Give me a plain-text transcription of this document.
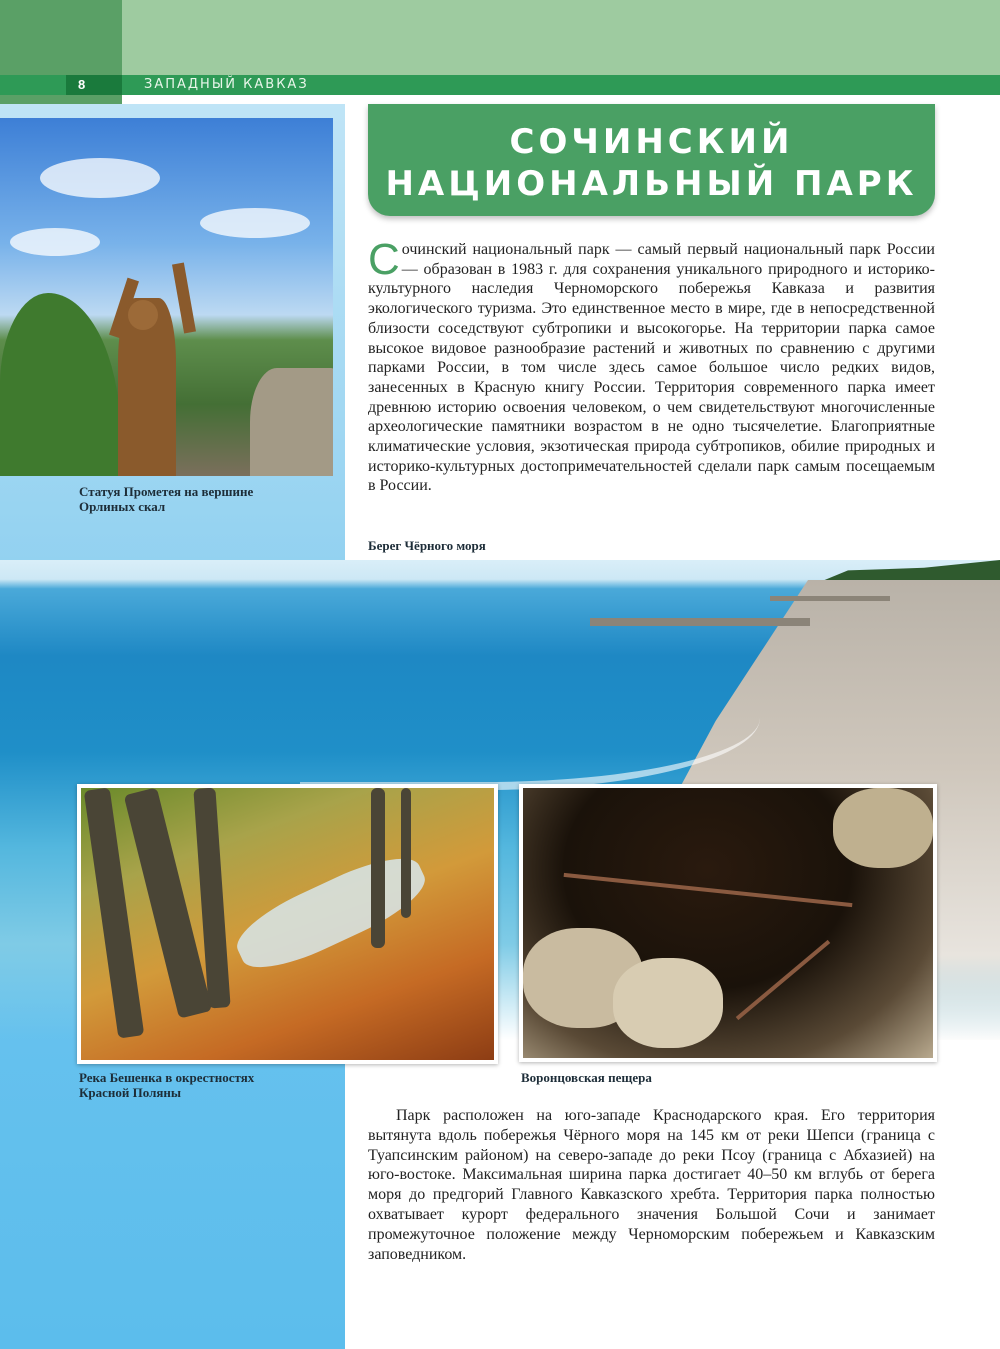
8	ЗАПАДНЫЙ КАВКАЗ
Статуя Прометея на вершине
Орлиных скал
СОЧИНСКИЙ
НАЦИОНАЛЬНЫЙ ПАРК
Сочинский национальный парк — самый первый национальный парк России — образован в 1983 г. для сохранения уникального природного и историко-культурного наследия Черноморского побережья Кавказа и развития экологического туризма. Это единственное место в мире, где в непосредственной близости соседствуют субтропики и высокогорье. На территории парка самое высокое видовое разнообразие растений и животных по сравнению с другими парками России, в том числе здесь самое большое число редких видов, занесенных в Красную книгу России. Территория современного парка имеет древнюю историю освоения человеком, о чем свидетельствуют многочисленные археологические памятники возрастом в не одно тысячелетие. Благоприятные климатические условия, экзотическая природа субтропиков, обилие природных и историко-культурных достопримечательностей сделали парк самым посещаемым в России.
Берег Чёрного моря
Река Бешенка в окрестностях
Красной Поляны
Воронцовская пещера
Парк расположен на юго-западе Краснодарского края. Его территория вытянута вдоль побережья Чёрного моря на 145 км от реки Шепси (граница с Туапсинским районом) на северо-западе до реки Псоу (граница с Абхазией) на юго-востоке. Максимальная ширина парка достигает 40–50 км вглубь от берега моря до предгорий Главного Кавказского хребта. Территория парка полностью охватывает курорт федерального значения Большой Сочи и занимает промежуточное положение между Черноморским побережьем и Кавказским заповедником.
